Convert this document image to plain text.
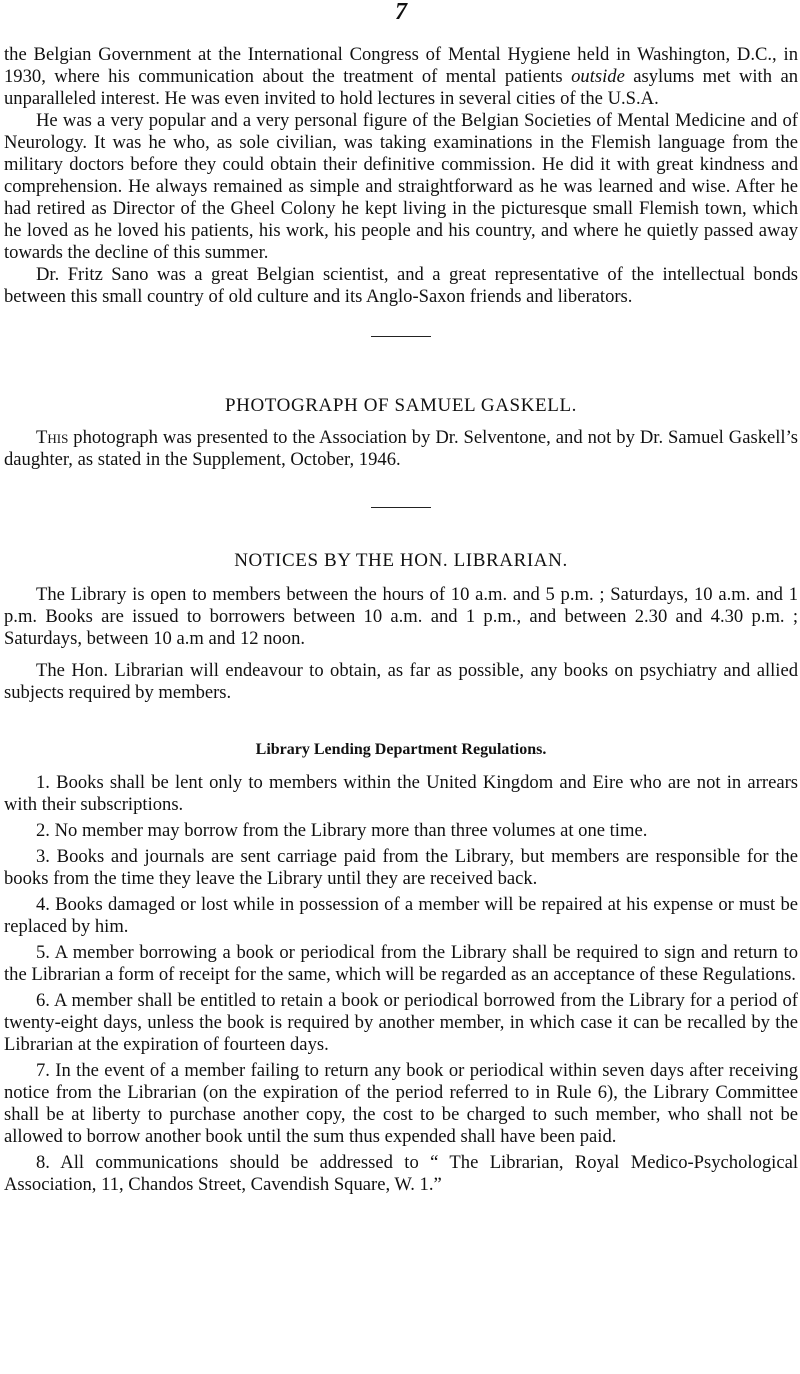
7

the Belgian Government at the International Congress of Mental Hygiene held in Washington, D.C., in 1930, where his communication about the treatment of mental patients outside asylums met with an unparalleled interest. He was even invited to hold lectures in several cities of the U.S.A.

He was a very popular and a very personal figure of the Belgian Societies of Mental Medicine and of Neurology. It was he who, as sole civilian, was taking examinations in the Flemish language from the military doctors before they could obtain their definitive commission. He did it with great kindness and comprehension. He always remained as simple and straightforward as he was learned and wise. After he had retired as Director of the Gheel Colony he kept living in the picturesque small Flemish town, which he loved as he loved his patients, his work, his people and his country, and where he quietly passed away towards the decline of this summer.

Dr. Fritz Sano was a great Belgian scientist, and a great representative of the intellectual bonds between this small country of old culture and its Anglo-Saxon friends and liberators.

PHOTOGRAPH OF SAMUEL GASKELL.

This photograph was presented to the Association by Dr. Selventone, and not by Dr. Samuel Gaskell’s daughter, as stated in the Supplement, October, 1946.

NOTICES BY THE HON. LIBRARIAN.

The Library is open to members between the hours of 10 a.m. and 5 p.m. ; Saturdays, 10 a.m. and 1 p.m. Books are issued to borrowers between 10 a.m. and 1 p.m., and between 2.30 and 4.30 p.m. ; Saturdays, between 10 a.m and 12 noon.

The Hon. Librarian will endeavour to obtain, as far as possible, any books on psychiatry and allied subjects required by members.

Library Lending Department Regulations.

1. Books shall be lent only to members within the United Kingdom and Eire who are not in arrears with their subscriptions.

2. No member may borrow from the Library more than three volumes at one time.

3. Books and journals are sent carriage paid from the Library, but members are responsible for the books from the time they leave the Library until they are received back.

4. Books damaged or lost while in possession of a member will be repaired at his expense or must be replaced by him.

5. A member borrowing a book or periodical from the Library shall be required to sign and return to the Librarian a form of receipt for the same, which will be regarded as an acceptance of these Regulations.

6. A member shall be entitled to retain a book or periodical borrowed from the Library for a period of twenty-eight days, unless the book is required by another member, in which case it can be recalled by the Librarian at the expiration of fourteen days.

7. In the event of a member failing to return any book or periodical within seven days after receiving notice from the Librarian (on the expiration of the period referred to in Rule 6), the Library Committee shall be at liberty to purchase another copy, the cost to be charged to such member, who shall not be allowed to borrow another book until the sum thus expended shall have been paid.

8. All communications should be addressed to “ The Librarian, Royal Medico-Psychological Association, 11, Chandos Street, Cavendish Square, W. 1.”
